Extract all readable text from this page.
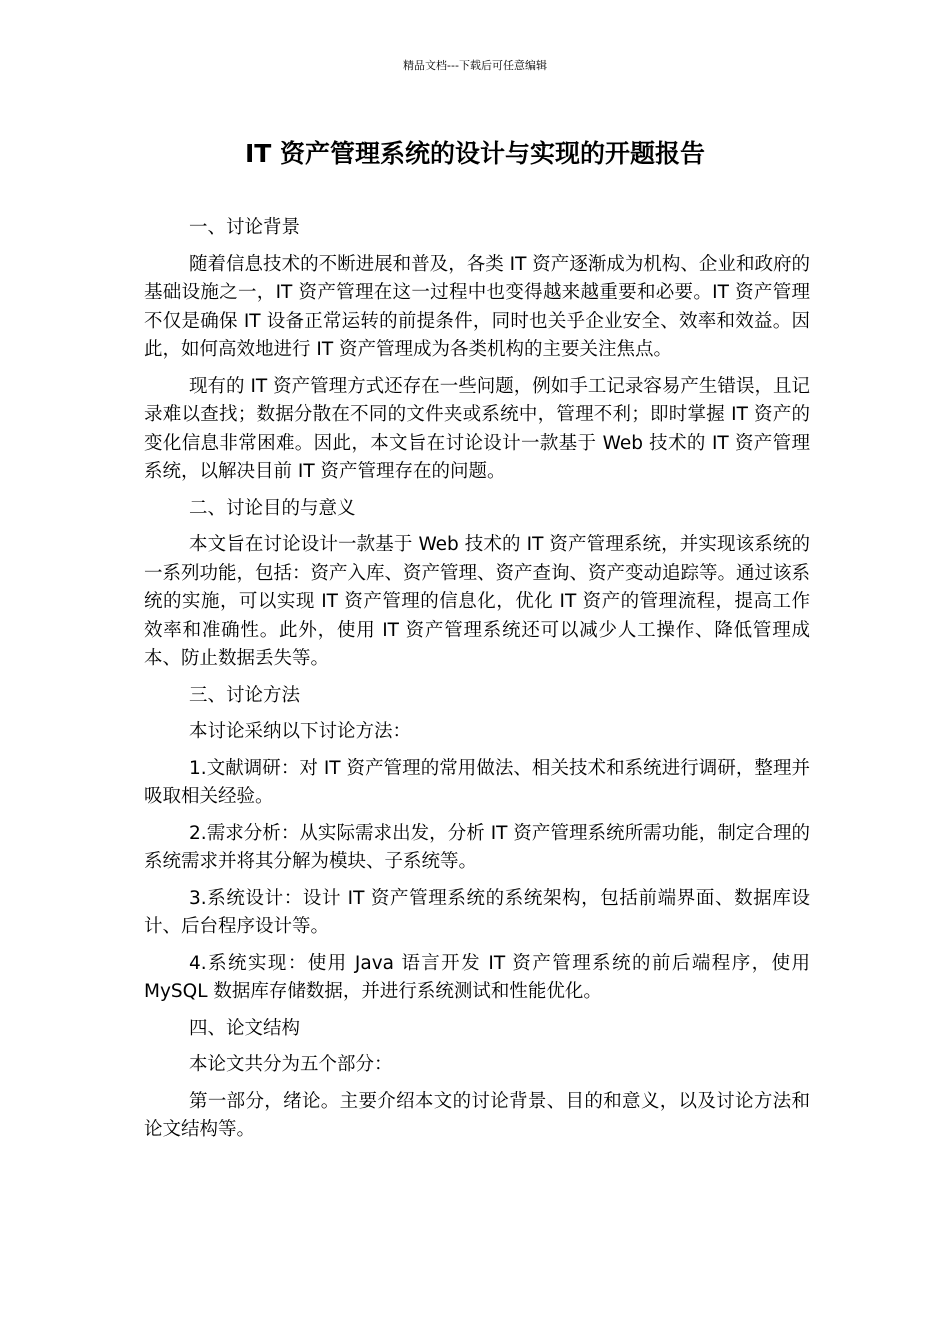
精品文档---下载后可任意编辑
IT 资产管理系统的设计与实现的开题报告

一、讨论背景

随着信息技术的不断进展和普及，各类 IT 资产逐渐成为机构、企业和政府的基础设施之一，IT 资产管理在这一过程中也变得越来越重要和必要。IT 资产管理不仅是确保 IT 设备正常运转的前提条件，同时也关乎企业安全、效率和效益。因此，如何高效地进行 IT 资产管理成为各类机构的主要关注焦点。

现有的 IT 资产管理方式还存在一些问题，例如手工记录容易产生错误，且记录难以查找；数据分散在不同的文件夹或系统中，管理不利；即时掌握 IT 资产的变化信息非常困难。因此，本文旨在讨论设计一款基于 Web 技术的 IT 资产管理系统，以解决目前 IT 资产管理存在的问题。

二、讨论目的与意义

本文旨在讨论设计一款基于 Web 技术的 IT 资产管理系统，并实现该系统的一系列功能，包括：资产入库、资产管理、资产查询、资产变动追踪等。通过该系统的实施，可以实现 IT 资产管理的信息化，优化 IT 资产的管理流程，提高工作效率和准确性。此外，使用 IT 资产管理系统还可以减少人工操作、降低管理成本、防止数据丢失等。

三、讨论方法

本讨论采纳以下讨论方法：

1.文献调研：对 IT 资产管理的常用做法、相关技术和系统进行调研，整理并吸取相关经验。

2.需求分析：从实际需求出发，分析 IT 资产管理系统所需功能，制定合理的系统需求并将其分解为模块、子系统等。

3.系统设计：设计 IT 资产管理系统的系统架构，包括前端界面、数据库设计、后台程序设计等。

4.系统实现：使用 Java 语言开发 IT 资产管理系统的前后端程序，使用 MySQL 数据库存储数据，并进行系统测试和性能优化。

四、论文结构

本论文共分为五个部分：

第一部分，绪论。主要介绍本文的讨论背景、目的和意义，以及讨论方法和论文结构等。
